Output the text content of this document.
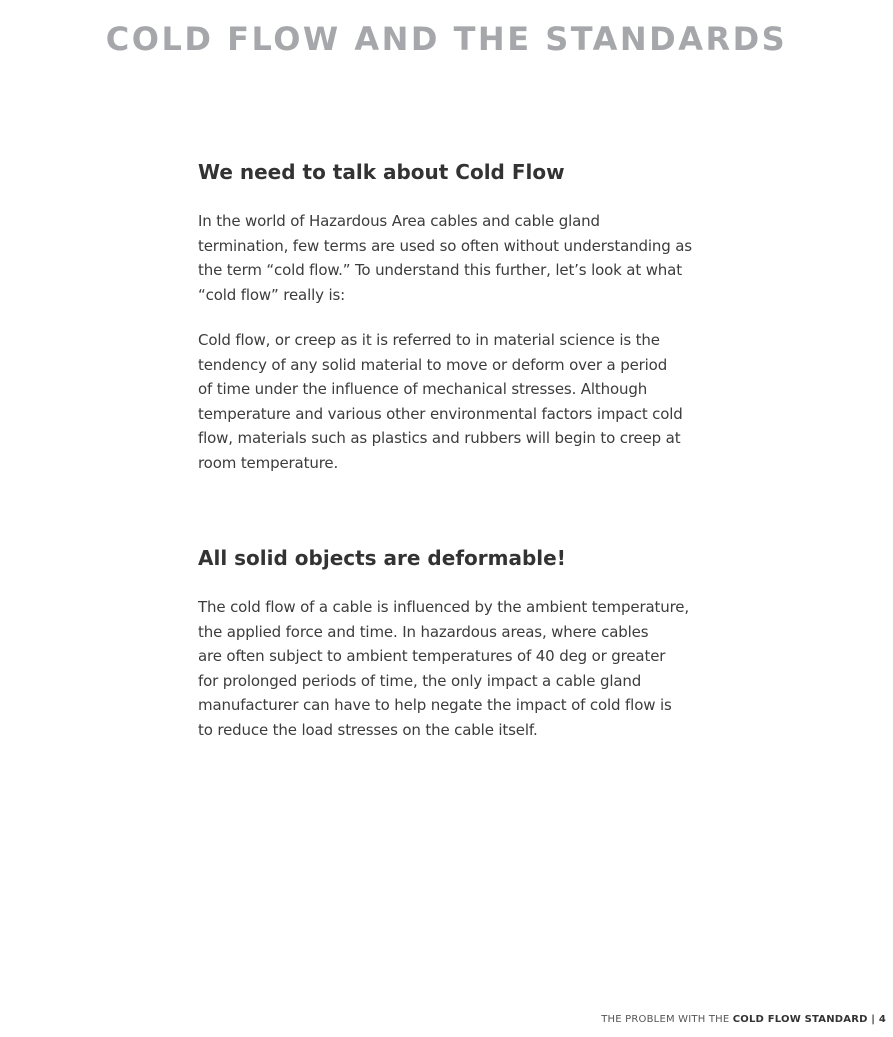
COLD FLOW AND THE STANDARDS
We need to talk about Cold Flow

In the world of Hazardous Area cables and cable gland
termination, few terms are used so often without understanding as
the term “cold flow.” To understand this further, let’s look at what
“cold flow” really is:

Cold flow, or creep as it is referred to in material science is the
tendency of any solid material to move or deform over a period
of time under the influence of mechanical stresses. Although
temperature and various other environmental factors impact cold
flow, materials such as plastics and rubbers will begin to creep at
room temperature.

All solid objects are deformable!

The cold flow of a cable is influenced by the ambient temperature,
the applied force and time. In hazardous areas, where cables
are often subject to ambient temperatures of 40 deg or greater
for prolonged periods of time, the only impact a cable gland
manufacturer can have to help negate the impact of cold flow is
to reduce the load stresses on the cable itself.

THE PROBLEM WITH THE COLD FLOW STANDARD | 4
